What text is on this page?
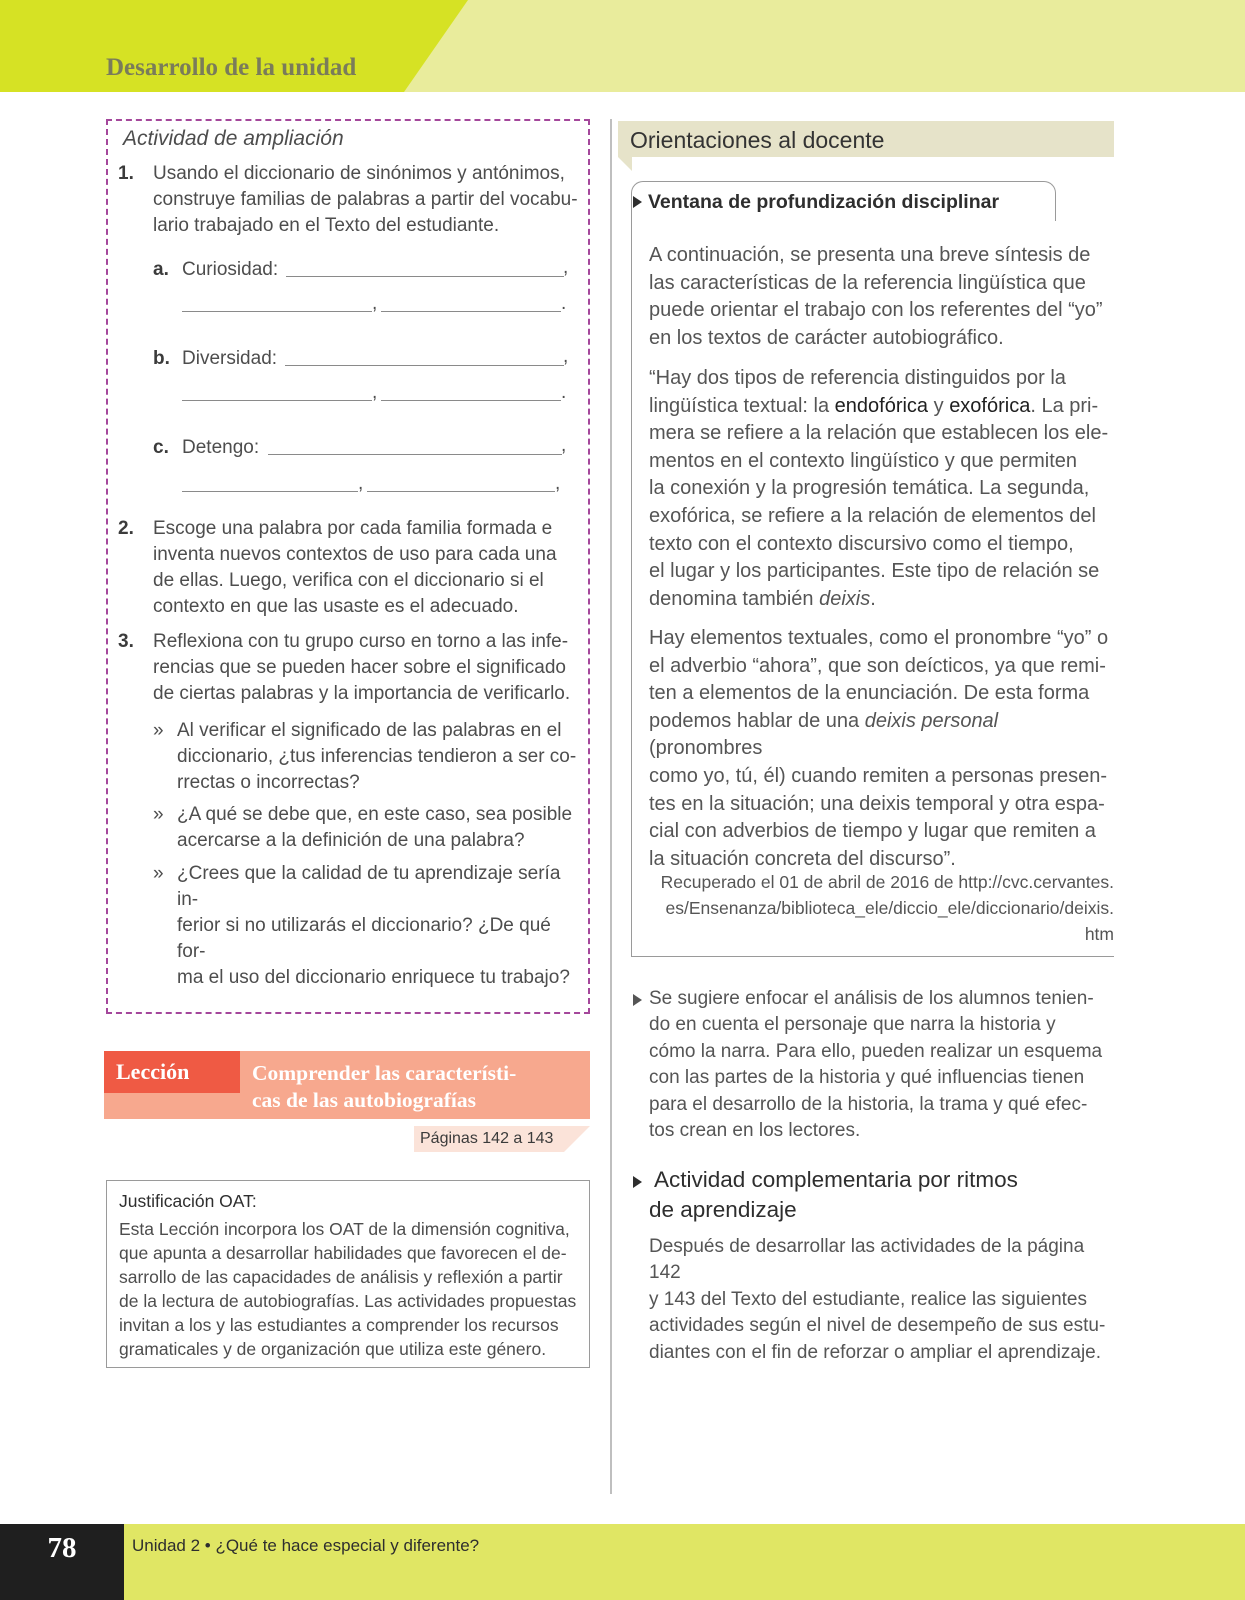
Desarrollo de la unidad
Actividad de ampliación
1. Usando el diccionario de sinónimos y antónimos,
construye familias de palabras a partir del vocabu-
lario trabajado en el Texto del estudiante.
a. Curiosidad:	,
,	.
b. Diversidad:	,
,	.
c. Detengo:	,
,	,
2. Escoge una palabra por cada familia formada e
inventa nuevos contextos de uso para cada una
de ellas. Luego, verifica con el diccionario si el
contexto en que las usaste es el adecuado.
3. Reflexiona con tu grupo curso en torno a las infe-
rencias que se pueden hacer sobre el significado
de ciertas palabras y la importancia de verificarlo.
» Al verificar el significado de las palabras en el
diccionario, ¿tus inferencias tendieron a ser co-
rrectas o incorrectas?
» ¿A qué se debe que, en este caso, sea posible
acercarse a la definición de una palabra?
» ¿Crees que la calidad de tu aprendizaje sería in-
ferior si no utilizarás el diccionario? ¿De qué for-
ma el uso del diccionario enriquece tu trabajo?
Lección	Comprender las característi-
cas de las autobiografías
Páginas 142 a 143
Justificación OAT:
Esta Lección incorpora los OAT de la dimensión cognitiva,
que apunta a desarrollar habilidades que favorecen el de-
sarrollo de las capacidades de análisis y reflexión a partir
de la lectura de autobiografías. Las actividades propuestas
invitan a los y las estudiantes a comprender los recursos
gramaticales y de organización que utiliza este género.
Orientaciones al docente
Ventana de profundización disciplinar
A continuación, se presenta una breve síntesis de
las características de la referencia lingüística que
puede orientar el trabajo con los referentes del “yo”
en los textos de carácter autobiográfico.
“Hay dos tipos de referencia distinguidos por la
lingüística textual: la endofórica y exofórica. La pri-
mera se refiere a la relación que establecen los ele-
mentos en el contexto lingüístico y que permiten
la conexión y la progresión temática. La segunda,
exofórica, se refiere a la relación de elementos del
texto con el contexto discursivo como el tiempo,
el lugar y los participantes. Este tipo de relación se
denomina también deixis.
Hay elementos textuales, como el pronombre “yo” o
el adverbio “ahora”, que son deícticos, ya que remi-
ten a elementos de la enunciación. De esta forma
podemos hablar de una deixis personal (pronombres
como yo, tú, él) cuando remiten a personas presen-
tes en la situación; una deixis temporal y otra espa-
cial con adverbios de tiempo y lugar que remiten a
la situación concreta del discurso”.
Recuperado el 01 de abril de 2016 de http://cvc.cervantes.
es/Ensenanza/biblioteca_ele/diccio_ele/diccionario/deixis.
htm
Se sugiere enfocar el análisis de los alumnos tenien-
do en cuenta el personaje que narra la historia y
cómo la narra. Para ello, pueden realizar un esquema
con las partes de la historia y qué influencias tienen
para el desarrollo de la historia, la trama y qué efec-
tos crean en los lectores.
Actividad complementaria por ritmos
de aprendizaje
Después de desarrollar las actividades de la página 142
y 143 del Texto del estudiante, realice las siguientes
actividades según el nivel de desempeño de sus estu-
diantes con el fin de reforzar o ampliar el aprendizaje.
78	Unidad 2 • ¿Qué te hace especial y diferente?
